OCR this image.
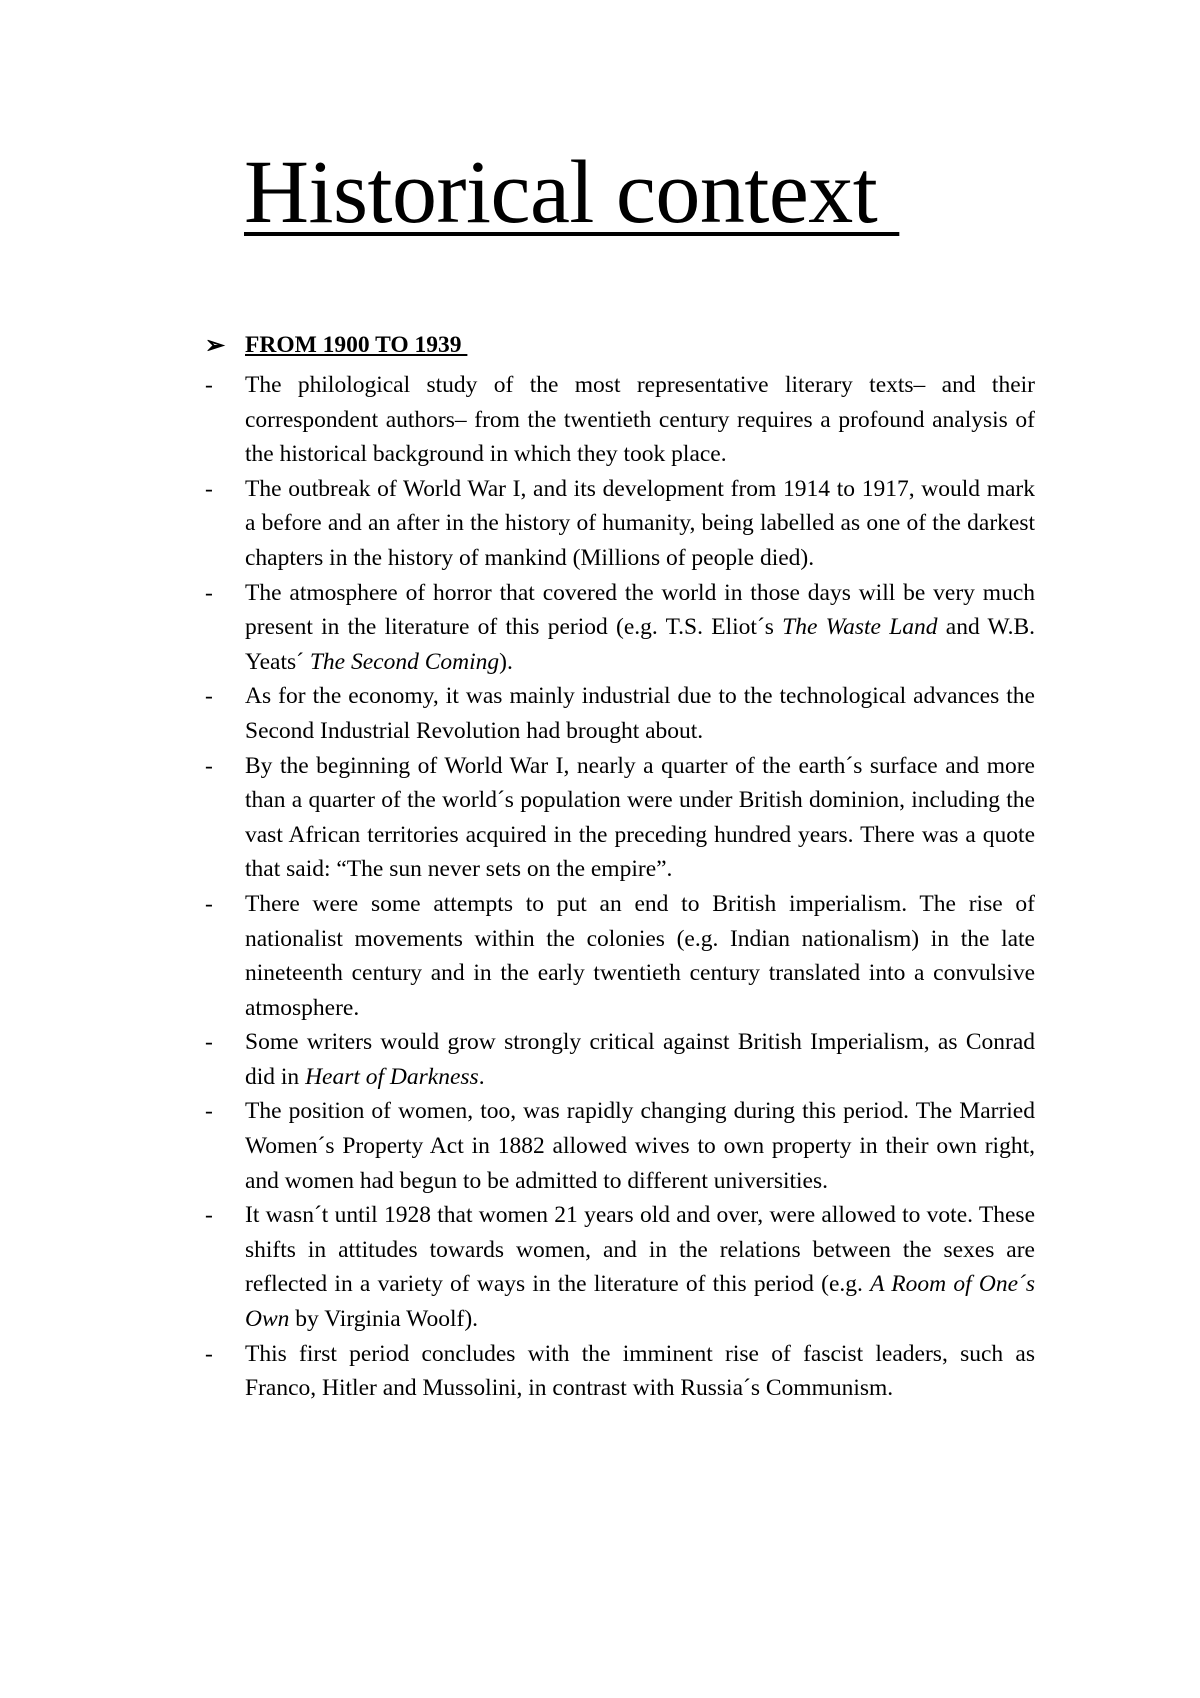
Historical context
➢ FROM 1900 TO 1939
-	The philological study of the most representative literary texts– and their correspondent authors– from the twentieth century requires a profound analysis of the historical background in which they took place.
-	The outbreak of World War I, and its development from 1914 to 1917, would mark a before and an after in the history of humanity, being labelled as one of the darkest chapters in the history of mankind (Millions of people died).
-	The atmosphere of horror that covered the world in those days will be very much present in the literature of this period (e.g. T.S. Eliot´s The Waste Land and W.B. Yeats´ The Second Coming).
-	As for the economy, it was mainly industrial due to the technological advances the Second Industrial Revolution had brought about.
-	By the beginning of World War I, nearly a quarter of the earth´s surface and more than a quarter of the world´s population were under British dominion, including the vast African territories acquired in the preceding hundred years. There was a quote that said: “The sun never sets on the empire”.
-	There were some attempts to put an end to British imperialism. The rise of nationalist movements within the colonies (e.g. Indian nationalism) in the late nineteenth century and in the early twentieth century translated into a convulsive atmosphere.
-	Some writers would grow strongly critical against British Imperialism, as Conrad did in Heart of Darkness.
-	The position of women, too, was rapidly changing during this period. The Married Women´s Property Act in 1882 allowed wives to own property in their own right, and women had begun to be admitted to different universities.
-	It wasn´t until 1928 that women 21 years old and over, were allowed to vote. These shifts in attitudes towards women, and in the relations between the sexes are reflected in a variety of ways in the literature of this period (e.g. A Room of One´s Own by Virginia Woolf).
-	This first period concludes with the imminent rise of fascist leaders, such as Franco, Hitler and Mussolini, in contrast with Russia´s Communism.
